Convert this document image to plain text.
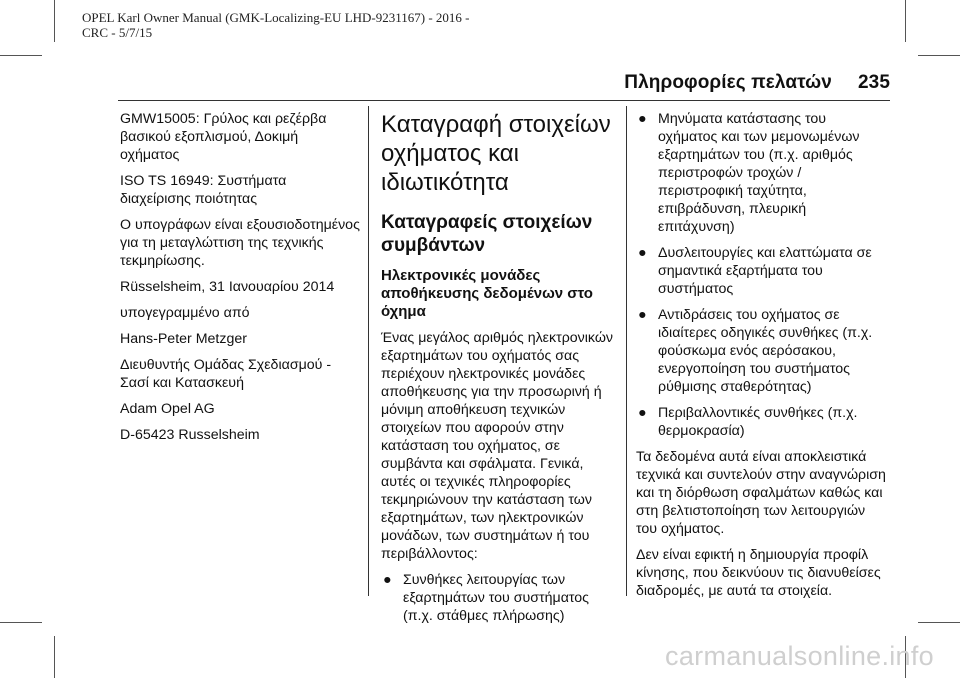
OPEL Karl Owner Manual (GMK-Localizing-EU LHD-9231167) - 2016 -
CRC - 5/7/15
Πληροφορίες πελατών 235

GMW15005: Γρύλος και ρεζέρβα βασικού εξοπλισμού, Δοκιμή οχήματος

ISO TS 16949: Συστήματα διαχείρισης ποιότητας

Ο υπογράφων είναι εξουσιοδοτημένος για τη μεταγλώττιση της τεχνικής τεκμηρίωσης.

Rüsselsheim, 31 Ιανουαρίου 2014

υπογεγραμμένο από

Hans-Peter Metzger

Διευθυντής Ομάδας Σχεδιασμού - Σασί και Κατασκευή

Adam Opel AG

D-65423 Russelsheim

Καταγραφή στοιχείων οχήματος και ιδιωτικότητα
Καταγραφείς στοιχείων συμβάντων
Ηλεκτρονικές μονάδες αποθήκευσης δεδομένων στο όχημα

Ένας μεγάλος αριθμός ηλεκτρονικών εξαρτημάτων του οχήματός σας περιέχουν ηλεκτρονικές μονάδες αποθήκευσης για την προσωρινή ή μόνιμη αποθήκευση τεχνικών στοιχείων που αφορούν στην κατάσταση του οχήματος, σε συμβάντα και σφάλματα. Γενικά, αυτές οι τεχνικές πληροφορίες τεκμηριώνουν την κατάσταση των εξαρτημάτων, των ηλεκτρονικών μονάδων, των συστημάτων ή του περιβάλλοντος:

● Συνθήκες λειτουργίας των εξαρτημάτων του συστήματος (π.χ. στάθμες πλήρωσης)
● Μηνύματα κατάστασης του οχήματος και των μεμονωμένων εξαρτημάτων του (π.χ. αριθμός περιστροφών τροχών / περιστροφική ταχύτητα, επιβράδυνση, πλευρική επιτάχυνση)
● Δυσλειτουργίες και ελαττώματα σε σημαντικά εξαρτήματα του συστήματος
● Αντιδράσεις του οχήματος σε ιδιαίτερες οδηγικές συνθήκες (π.χ. φούσκωμα ενός αερόσακου, ενεργοποίηση του συστήματος ρύθμισης σταθερότητας)
● Περιβαλλοντικές συνθήκες (π.χ. θερμοκρασία)

Τα δεδομένα αυτά είναι αποκλειστικά τεχνικά και συντελούν στην αναγνώριση και τη διόρθωση σφαλμάτων καθώς και στη βελτιστοποίηση των λειτουργιών του οχήματος.

Δεν είναι εφικτή η δημιουργία προφίλ κίνησης, που δεικνύουν τις διανυθείσες διαδρομές, με αυτά τα στοιχεία.

carmanualsonline.info
